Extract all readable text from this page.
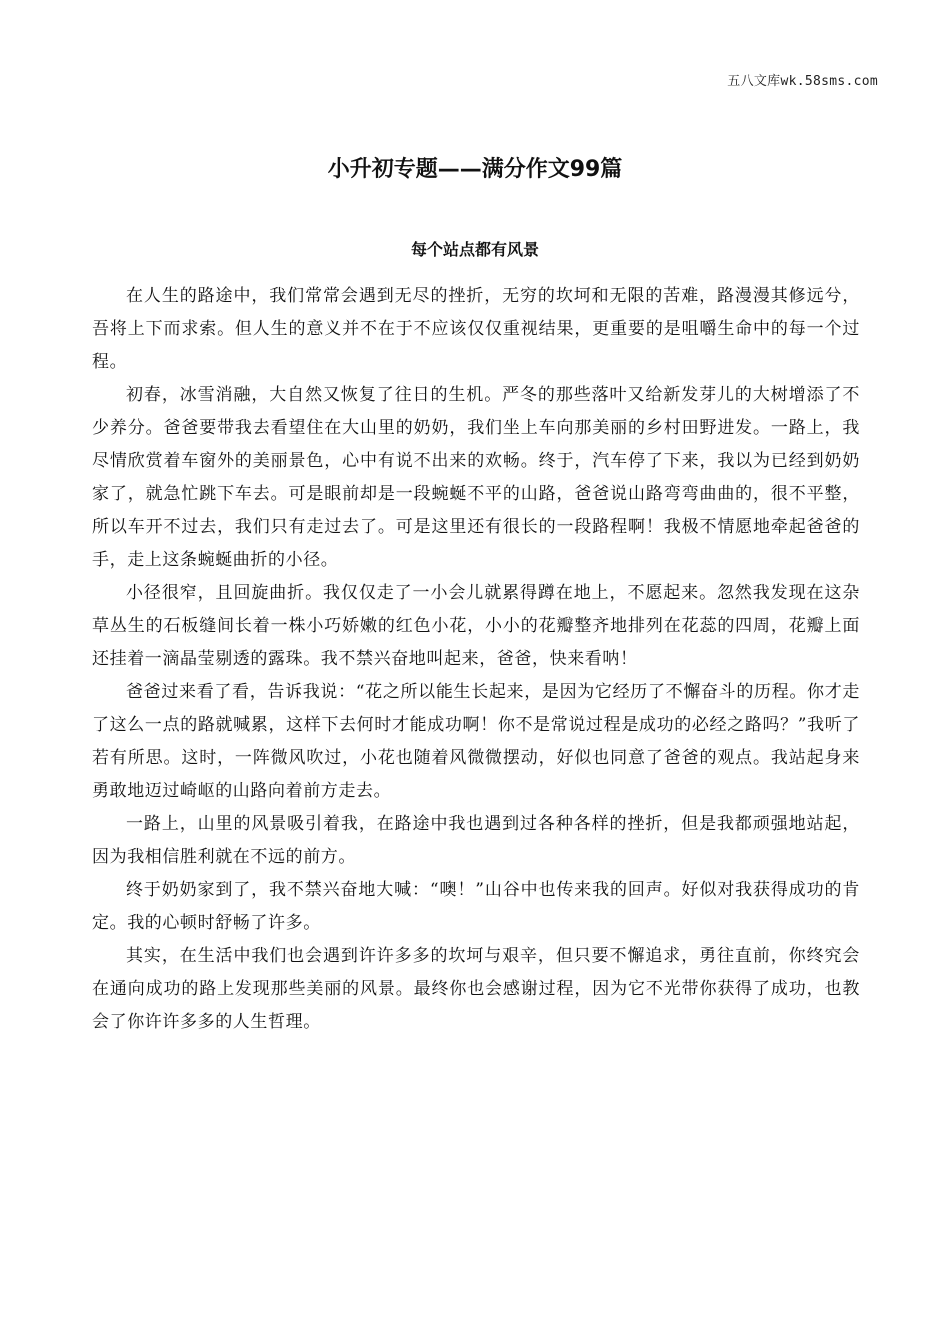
五八文库wk.58sms.com
小升初专题——满分作文99篇
每个站点都有风景

在人生的路途中，我们常常会遇到无尽的挫折，无穷的坎坷和无限的苦难，路漫漫其修远兮，吾将上下而求索。但人生的意义并不在于不应该仅仅重视结果，更重要的是咀嚼生命中的每一个过程。

初春，冰雪消融，大自然又恢复了往日的生机。严冬的那些落叶又给新发芽儿的大树增添了不少养分。爸爸要带我去看望住在大山里的奶奶，我们坐上车向那美丽的乡村田野进发。一路上，我尽情欣赏着车窗外的美丽景色，心中有说不出来的欢畅。终于，汽车停了下来，我以为已经到奶奶家了，就急忙跳下车去。可是眼前却是一段蜿蜒不平的山路，爸爸说山路弯弯曲曲的，很不平整，所以车开不过去，我们只有走过去了。可是这里还有很长的一段路程啊！我极不情愿地牵起爸爸的手，走上这条蜿蜒曲折的小径。

小径很窄，且回旋曲折。我仅仅走了一小会儿就累得蹲在地上，不愿起来。忽然我发现在这杂草丛生的石板缝间长着一株小巧娇嫩的红色小花，小小的花瓣整齐地排列在花蕊的四周，花瓣上面还挂着一滴晶莹剔透的露珠。我不禁兴奋地叫起来，爸爸，快来看呐！

爸爸过来看了看，告诉我说：“花之所以能生长起来，是因为它经历了不懈奋斗的历程。你才走了这么一点的路就喊累，这样下去何时才能成功啊！你不是常说过程是成功的必经之路吗？”我听了若有所思。这时，一阵微风吹过，小花也随着风微微摆动，好似也同意了爸爸的观点。我站起身来勇敢地迈过崎岖的山路向着前方走去。

一路上，山里的风景吸引着我，在路途中我也遇到过各种各样的挫折，但是我都顽强地站起，因为我相信胜利就在不远的前方。

终于奶奶家到了，我不禁兴奋地大喊：“噢！”山谷中也传来我的回声。好似对我获得成功的肯定。我的心顿时舒畅了许多。

其实，在生活中我们也会遇到许许多多的坎坷与艰辛，但只要不懈追求，勇往直前，你终究会在通向成功的路上发现那些美丽的风景。最终你也会感谢过程，因为它不光带你获得了成功，也教会了你许许多多的人生哲理。
